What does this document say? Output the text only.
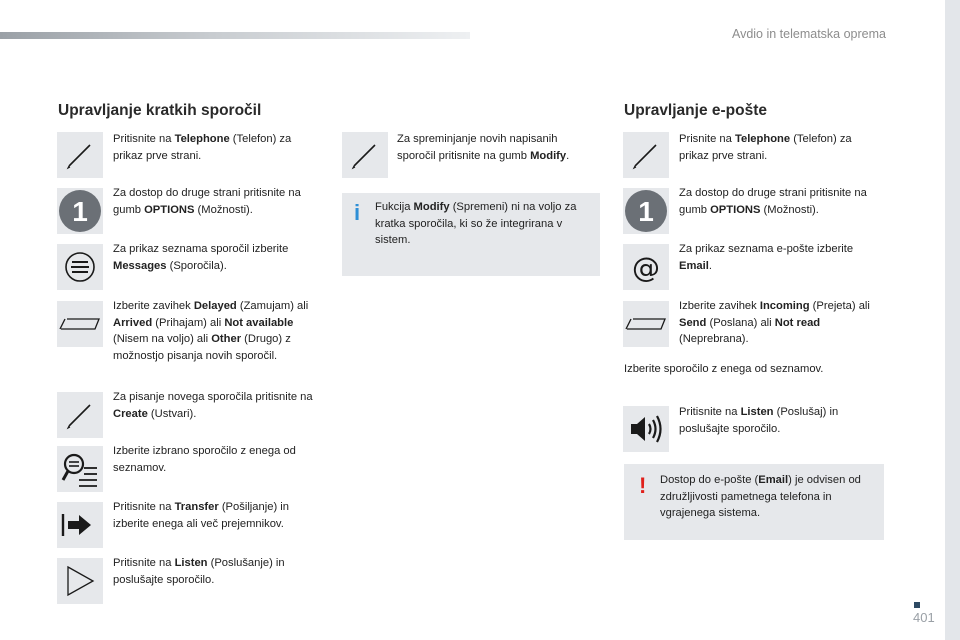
Avdio in telematska oprema
Upravljanje kratkih sporočil
Pritisnite na Telephone (Telefon) za prikaz prve strani.
1
Za dostop do druge strani pritisnite na gumb OPTIONS (Možnosti).
Za prikaz seznama sporočil izberite Messages (Sporočila).
Izberite zavihek Delayed (Zamujam) ali Arrived (Prihajam) ali Not available (Nisem na voljo) ali Other (Drugo) z možnostjo pisanja novih sporočil.
Za pisanje novega sporočila pritisnite na Create (Ustvari).
Izberite izbrano sporočilo z enega od seznamov.
Pritisnite na Transfer (Pošiljanje) in izberite enega ali več prejemnikov.
Pritisnite na Listen (Poslušanje) in poslušajte sporočilo.
Za spreminjanje novih napisanih sporočil pritisnite na gumb Modify.
i Fukcija Modify (Spremeni) ni na voljo za kratka sporočila, ki so že integrirana v sistem.
Upravljanje e-pošte
Prisnite na Telephone (Telefon) za prikaz prve strani.
1
Za dostop do druge strani pritisnite na gumb OPTIONS (Možnosti).
@
Za prikaz seznama e-pošte izberite Email.
Izberite zavihek Incoming (Prejeta) ali Send (Poslana) ali Not read (Neprebrana).
Izberite sporočilo z enega od seznamov.
Pritisnite na Listen (Poslušaj) in poslušajte sporočilo.
! Dostop do e-pošte (Email) je odvisen od združljivosti pametnega telefona in vgrajenega sistema.
401
